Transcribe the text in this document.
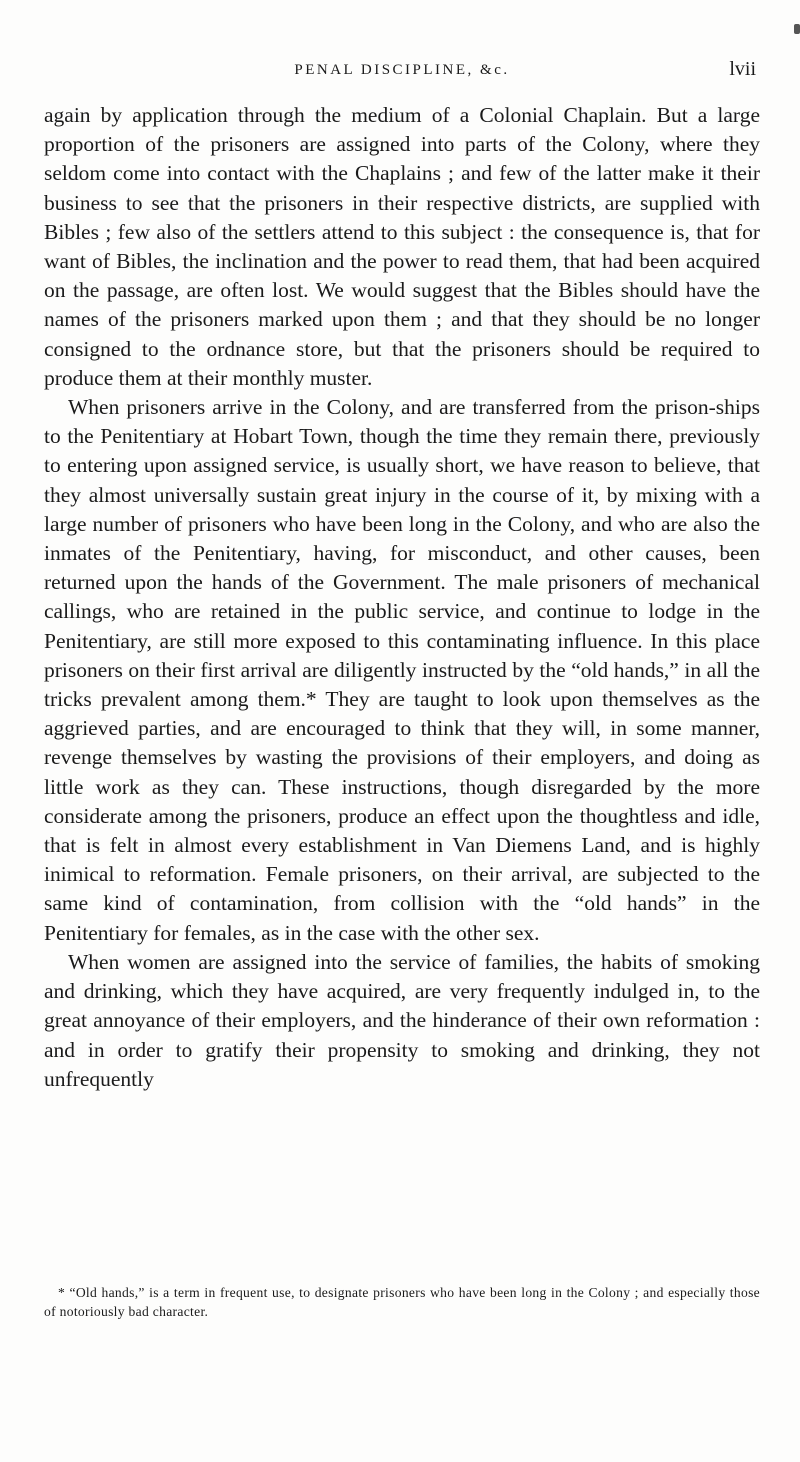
PENAL DISCIPLINE, &c.	lvii

again by application through the medium of a Colonial Chaplain. But a large proportion of the prisoners are assigned into parts of the Colony, where they seldom come into contact with the Chaplains ; and few of the latter make it their business to see that the prisoners in their respective districts, are supplied with Bibles ; few also of the settlers attend to this subject : the consequence is, that for want of Bibles, the inclination and the power to read them, that had been acquired on the passage, are often lost. We would suggest that the Bibles should have the names of the prisoners marked upon them ; and that they should be no longer consigned to the ordnance store, but that the prisoners should be required to produce them at their monthly muster.

When prisoners arrive in the Colony, and are transferred from the prison-ships to the Penitentiary at Hobart Town, though the time they remain there, previously to entering upon assigned service, is usually short, we have reason to believe, that they almost universally sustain great injury in the course of it, by mixing with a large number of prisoners who have been long in the Colony, and who are also the inmates of the Penitentiary, having, for misconduct, and other causes, been returned upon the hands of the Government. The male prisoners of mechanical callings, who are retained in the public service, and continue to lodge in the Penitentiary, are still more exposed to this contaminating influence. In this place prisoners on their first arrival are diligently instructed by the “old hands,” in all the tricks prevalent among them.* They are taught to look upon themselves as the aggrieved parties, and are encouraged to think that they will, in some manner, revenge themselves by wasting the provisions of their employers, and doing as little work as they can. These instructions, though disregarded by the more considerate among the prisoners, produce an effect upon the thoughtless and idle, that is felt in almost every establishment in Van Diemens Land, and is highly inimical to reformation. Female prisoners, on their arrival, are subjected to the same kind of contamination, from collision with the “old hands” in the Penitentiary for females, as in the case with the other sex.

When women are assigned into the service of families, the habits of smoking and drinking, which they have acquired, are very frequently indulged in, to the great annoyance of their employers, and the hinderance of their own reformation : and in order to gratify their propensity to smoking and drinking, they not unfrequently

* “Old hands,” is a term in frequent use, to designate prisoners who have been long in the Colony ; and especially those of notoriously bad character.
